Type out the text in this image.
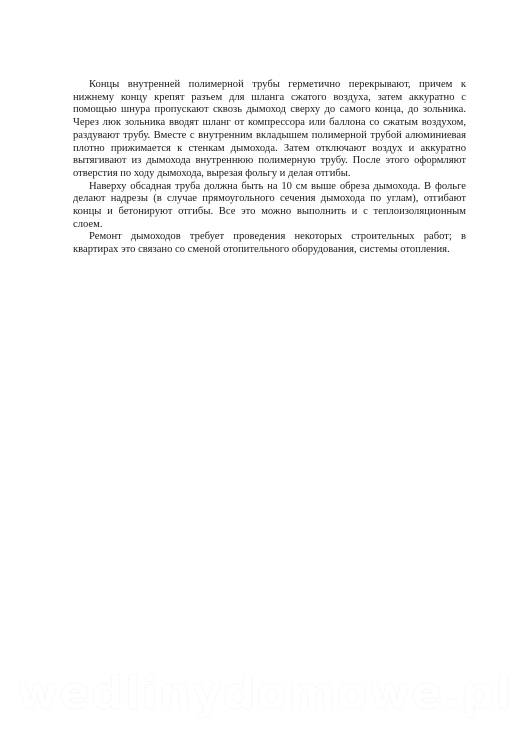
Концы внутренней полимерной трубы герметично перекрывают, причем к нижнему концу крепят разъем для шланга сжатого воздуха, затем аккуратно с помощью шнура пропускают сквозь дымоход сверху до самого конца, до зольника. Через люк зольника вводят шланг от компрессора или баллона со сжатым воздухом, раздувают трубу. Вместе с внутренним вкладышем полимерной трубой алюминиевая плотно прижимается к стенкам дымохода. Затем отключают воздух и аккуратно вытягивают из дымохода внутреннюю полимерную трубу. После этого оформляют отверстия по ходу дымохода, вырезая фольгу и делая отгибы.

Наверху обсадная труба должна быть на 10 см выше обреза дымохода. В фольге делают надрезы (в случае прямоугольного сечения дымохода по углам), отгибают концы и бетонируют отгибы. Все это можно выполнить и с теплоизоляционным слоем.

Ремонт дымоходов требует проведения некоторых строительных работ; в квартирах это связано со сменой отопительного оборудования, системы отопления.

wedlinydomowe.pl
